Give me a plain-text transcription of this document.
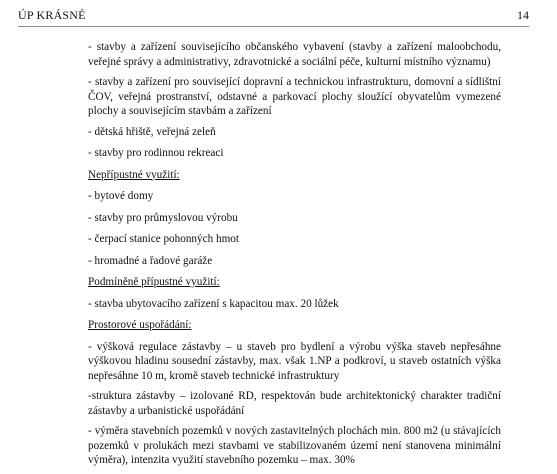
ÚP KRÁSNÉ	14

- stavby a zařízení souvisejícího občanského vybavení (stavby a zařízení maloobchodu, veřejné správy a administrativy, zdravotnické a sociální péče, kulturní místního významu)

- stavby a zařízení pro související dopravní a technickou infrastrukturu, domovní a sídlištní ČOV, veřejná prostranství, odstavné a parkovací plochy sloužící obyvatelům vymezené plochy a souvisejícím stavbám a zařízení

- dětská hřiště, veřejná zeleň

- stavby pro rodinnou rekreaci

Nepřípustné využití:

- bytové domy

- stavby pro průmyslovou výrobu

- čerpací stanice pohonných hmot

- hromadné a řadové garáže

Podmíněně přípustné využití:

- stavba ubytovacího zařízení s kapacitou max. 20 lůžek

Prostorové uspořádání:

- výšková regulace zástavby – u staveb pro bydlení a výrobu výška staveb nepřesáhne výškovou hladinu sousední zástavby, max. však 1.NP a podkroví, u staveb ostatních výška nepřesáhne 10 m, kromě staveb technické infrastruktury

-struktura zástavby – izolované RD, respektován bude architektonický charakter tradiční zástavby a urbanistické uspořádání

- výměra stavebních pozemků v nových zastavitelných plochách min. 800 m2 (u stávajících pozemků v prolukách mezi stavbami ve stabilizovaném území není stanovena minimální výměra), intenzita využití stavebního pozemku – max. 30%
